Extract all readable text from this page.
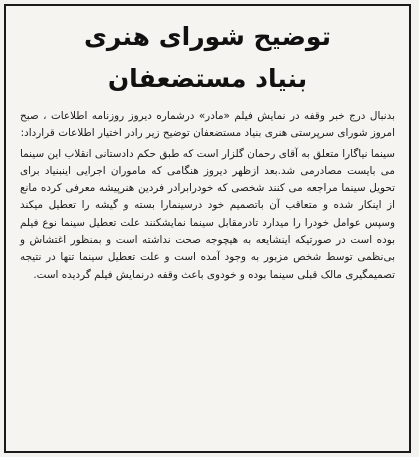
توضیح شورای هنری
بنیاد مستضعفان

بدنبال درج خبر وقفه در نمایش فیلم «مادر» درشماره دیروز روزنامه اطلاعات ، صبح امروز شورای سرپرستی هنری بنیاد مستضعفان توضیح زیر رادر اختیار اطلاعات قرارداد:

سینما نیاگارا متعلق به آقای رحمان گلزار است که طبق حکم دادستانی انقلاب این سینما می بایست مصادرمی شد.بعد ازظهر دیروز هنگامی که ماموران اجرایی اینبنیاد برای تحویل سینما مراجعه می کنند شخصی که خودرابرادر فردین هنرپیشه معرفی کرده مانع از اینکار شده و متعاقب آن باتصمیم خود درسینمارا بسته و گیشه را تعطیل میکند وسپس عوامل خودرا را میدارد تادرمقابل سینما نمایشکنند علت تعطیل سینما نوع فیلم بوده است در صورتیکه اینشایعه به هیچوجه صحت نداشته است و بمنظور اغتشاش و بی‌نظمی توسط شخص مزبور به وجود آمده است و علت تعطیل سینما تنها در نتیجه تصمیمگیری مالک قبلی سینما بوده و خودوی باعث وقفه درنمایش فیلم گردیده است.
